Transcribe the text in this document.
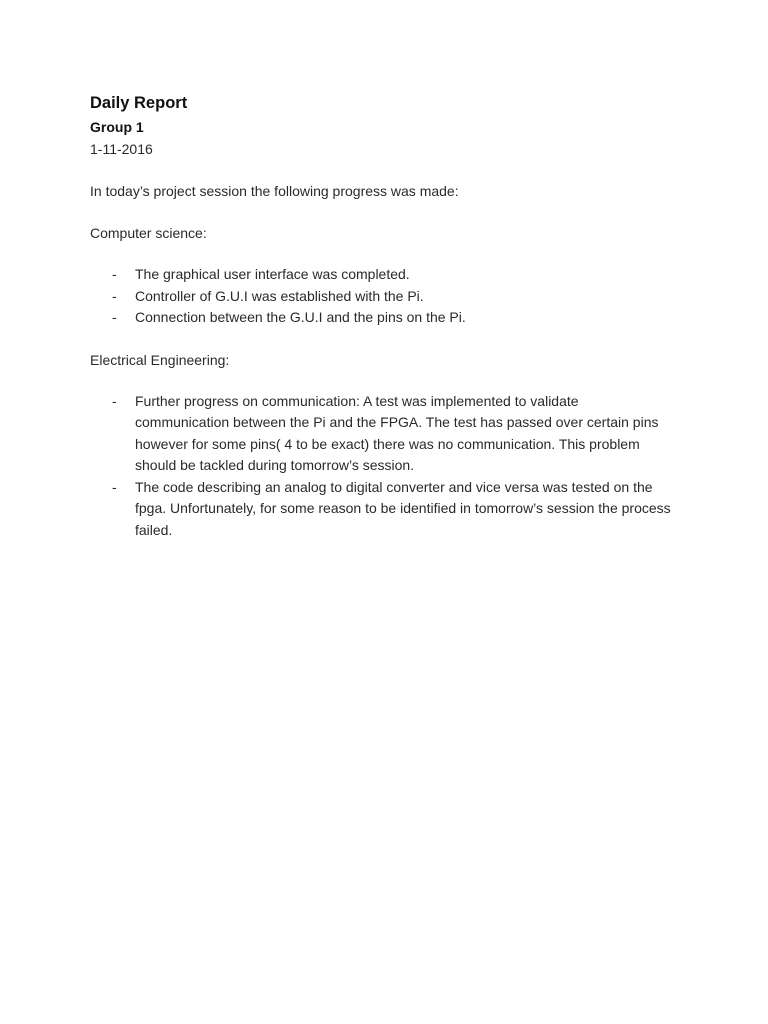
Daily Report
Group 1
1-11-2016
In today’s project session the following progress was made:
Computer science:
- The graphical user interface was completed.
- Controller of G.U.I was established with the Pi.
- Connection between the G.U.I and the pins on the Pi.
Electrical Engineering:
- Further progress on communication: A test was implemented to validate communication between the Pi and the FPGA. The test has passed over certain pins however for some pins( 4 to be exact) there was no communication. This problem should be tackled during tomorrow’s session.
- The code describing an analog to digital converter and vice versa was tested on the fpga. Unfortunately, for some reason to be identified in tomorrow’s session the process failed.
